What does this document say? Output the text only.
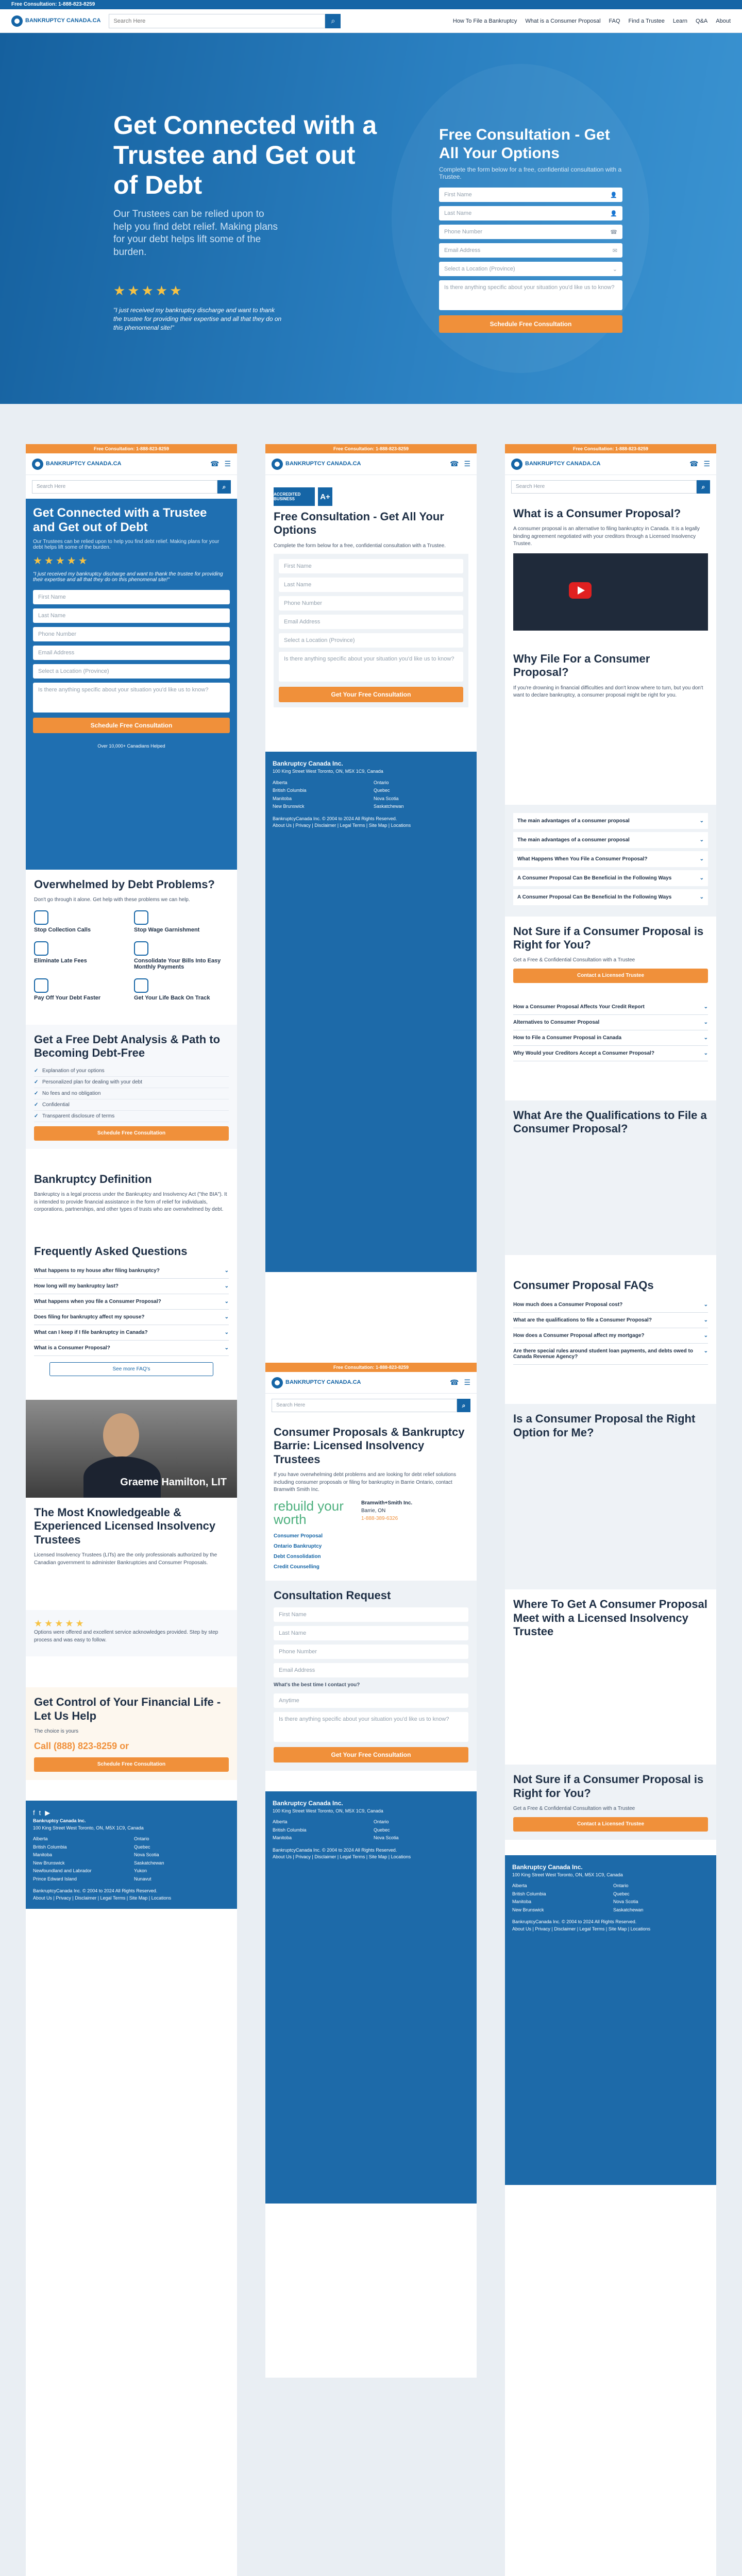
Free Consultation: 1-888-823-8259
BANKRUPTCY CANADA.CA
Search Here	⌕	How To File a Bankruptcy What is a Consumer Proposal FAQ Find a Trustee Learn Q&A About
Get Connected with a Trustee and Get out of Debt
Our Trustees can be relied upon to help you find debt relief. Making plans for your debt helps lift some of the burden.
★★★★★
"I just received my bankruptcy discharge and want to thank the trustee for providing their expertise and all that they do on this phenomenal site!"
Free Consultation - Get All Your Options

Complete the form below for a free, confidential consultation with a Trustee.

First Name	👤
Last Name	👤
Phone Number	☎
Email Address	✉
Select a Location (Province)	⌄
Is there anything specific about your situation you'd like us to know?
Schedule Free Consultation
Free Consultation: 1-888-823-8259
BANKRUPTCY CANADA.CA	☎ ☰
Search Here	⌕
Get Connected with a Trustee and Get out of Debt

Our Trustees can be relied upon to help you find debt relief. Making plans for your debt helps lift some of the burden.

★★★★★

"I just received my bankruptcy discharge and want to thank the trustee for providing their expertise and all that they do on this phenomenal site!"

First Name
Last Name
Phone Number
Email Address
Select a Location (Province)
Is there anything specific about your situation you'd like us to know?
Schedule Free Consultation

Over 10,000+ Canadians Helped

Overwhelmed by Debt Problems?

Don't go through it alone. Get help with these problems we can help.

Stop Collection Calls	Stop Wage Garnishment
Eliminate Late Fees	Consolidate Your Bills Into Easy Monthly Payments
Pay Off Your Debt Faster	Get Your Life Back On Track
Get a Free Debt Analysis & Path to Becoming Debt-Free
✓ Explanation of your options
✓ Personalized plan for dealing with your debt
✓ No fees and no obligation
✓ Confidential
✓ Transparent disclosure of terms
Schedule Free Consultation
Bankruptcy Definition

Bankruptcy is a legal process under the Bankruptcy and Insolvency Act ("the BIA"). It is intended to provide financial assistance in the form of relief for individuals, corporations, partnerships, and other types of trusts who are overwhelmed by debt.

Frequently Asked Questions
What happens to my house after filing bankruptcy? ⌄
How long will my bankruptcy last? ⌄
What happens when you file a Consumer Proposal? ⌄
Does filing for bankruptcy affect my spouse? ⌄
What can I keep if I file bankruptcy in Canada? ⌄
What is a Consumer Proposal? ⌄
See more FAQ's
Graeme Hamilton, LIT
The Most Knowledgeable & Experienced Licensed Insolvency Trustees

Licensed Insolvency Trustees (LITs) are the only professionals authorized by the Canadian government to administer Bankruptcies and Consumer Proposals.

★★★★★

Options were offered and excellent service acknowledges provided. Step by step process and was easy to follow.

Get Control of Your Financial Life - Let Us Help

The choice is yours

Call (888) 823-8259 or

Schedule Free Consultation
f t ▶
Bankruptcy Canada Inc.
100 King Street West Toronto, ON, M5X 1C9, Canada
Alberta	Ontario
British Columbia	Quebec
Manitoba	Nova Scotia
New Brunswick	Saskatchewan
Newfoundland and Labrador	Yukon
Prince Edward Island	Nunavut
BankruptcyCanada Inc. © 2004 to 2024 All Rights Reserved.
About Us | Privacy | Disclaimer | Legal Terms | Site Map | Locations
Free Consultation: 1-888-823-8259
BANKRUPTCY CANADA.CA	☎ ☰
ACCREDITED BUSINESS	A+
Free Consultation - Get All Your Options

Complete the form below for a free, confidential consultation with a Trustee.

First Name
Last Name
Phone Number
Email Address
Select a Location (Province)
Is there anything specific about your situation you'd like us to know?
Get Your Free Consultation
Bankruptcy Canada Inc.
100 King Street West Toronto, ON, M5X 1C9, Canada
Alberta	Ontario
British Columbia	Quebec
Manitoba	Nova Scotia
New Brunswick	Saskatchewan
BankruptcyCanada Inc. © 2004 to 2024 All Rights Reserved.
About Us | Privacy | Disclaimer | Legal Terms | Site Map | Locations
Free Consultation: 1-888-823-8259
BANKRUPTCY CANADA.CA	☎ ☰
Search Here	⌕
Consumer Proposals & Bankruptcy Barrie: Licensed Insolvency Trustees

If you have overwhelming debt problems and are looking for debt relief solutions including consumer proposals or filing for bankruptcy in Barrie Ontario, contact Bramwith Smith Inc.

rebuild your worth
Bramwith+Smith Inc.
Barrie, ON
1-888-389-6326
Consumer Proposal
Ontario Bankruptcy
Debt Consolidation
Credit Counselling
Consultation Request
First Name
Last Name
Phone Number
Email Address

What's the best time I contact you?

Anytime
Is there anything specific about your situation you'd like us to know?
Get Your Free Consultation
Bankruptcy Canada Inc.
100 King Street West Toronto, ON, M5X 1C9, Canada
Alberta	Ontario
British Columbia	Quebec
Manitoba	Nova Scotia
BankruptcyCanada Inc. © 2004 to 2024 All Rights Reserved.
About Us | Privacy | Disclaimer | Legal Terms | Site Map | Locations
Free Consultation: 1-888-823-8259
BANKRUPTCY CANADA.CA	☎ ☰
Search Here	⌕
What is a Consumer Proposal?

A consumer proposal is an alternative to filing bankruptcy in Canada. It is a legally binding agreement negotiated with your creditors through a Licensed Insolvency Trustee.

Why File For a Consumer Proposal?

If you're drowning in financial difficulties and don't know where to turn, but you don't want to declare bankruptcy, a consumer proposal might be right for you.

The main advantages of a consumer proposal ⌄
The main advantages of a consumer proposal ⌄
What Happens When You File a Consumer Proposal? ⌄
A Consumer Proposal Can Be Beneficial in the Following Ways ⌄
A Consumer Proposal Can Be Beneficial In the Following Ways ⌄
Not Sure if a Consumer Proposal is Right for You?

Get a Free & Confidential Consultation with a Trustee

Contact a Licensed Trustee
How a Consumer Proposal Affects Your Credit Report ⌄
Alternatives to Consumer Proposal ⌄
How to File a Consumer Proposal in Canada ⌄
Why Would your Creditors Accept a Consumer Proposal? ⌄
What Are the Qualifications to File a Consumer Proposal?
Consumer Proposal FAQs
How much does a Consumer Proposal cost? ⌄
What are the qualifications to file a Consumer Proposal? ⌄
How does a Consumer Proposal affect my mortgage? ⌄
Are there special rules around student loan payments, and debts owed to Canada Revenue Agency? ⌄
Is a Consumer Proposal the Right Option for Me?
Where To Get A Consumer Proposal Meet with a Licensed Insolvency Trustee
Not Sure if a Consumer Proposal is Right for You?

Get a Free & Confidential Consultation with a Trustee

Contact a Licensed Trustee
Bankruptcy Canada Inc.
100 King Street West Toronto, ON, M5X 1C9, Canada
Alberta	Ontario
British Columbia	Quebec
Manitoba	Nova Scotia
New Brunswick	Saskatchewan
BankruptcyCanada Inc. © 2004 to 2024 All Rights Reserved.
About Us | Privacy | Disclaimer | Legal Terms | Site Map | Locations
